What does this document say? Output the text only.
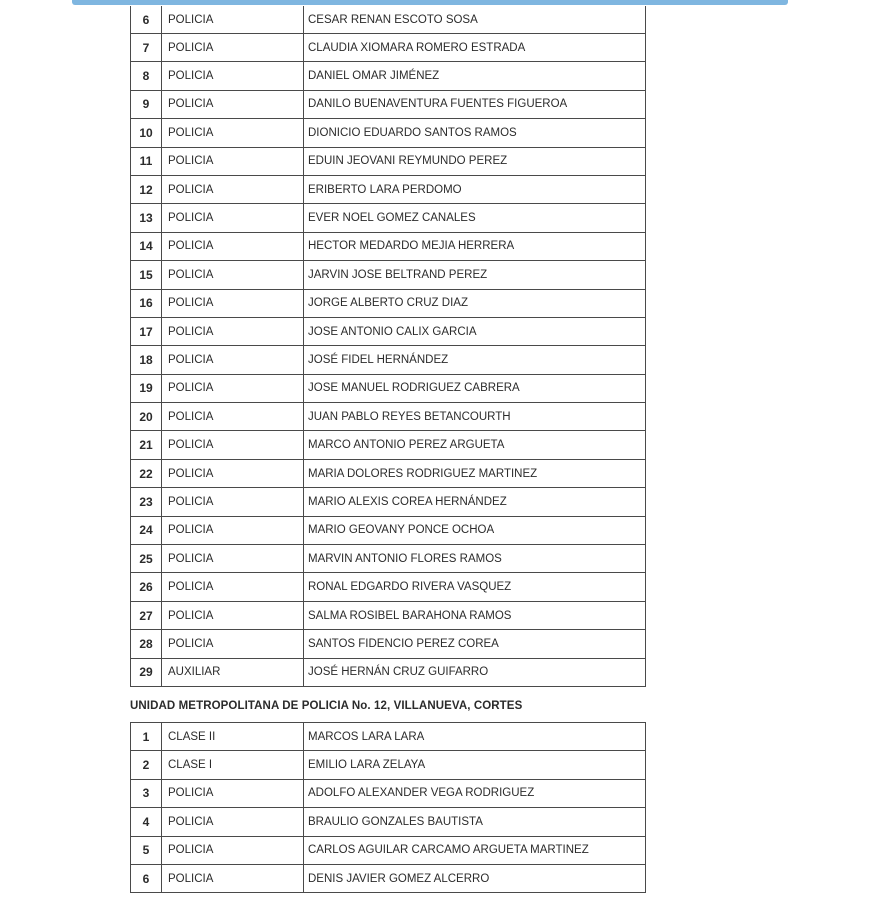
6	POLICIA	CESAR RENAN ESCOTO SOSA
7	POLICIA	CLAUDIA XIOMARA ROMERO ESTRADA
8	POLICIA	DANIEL OMAR JIMÉNEZ
9	POLICIA	DANILO BUENAVENTURA FUENTES FIGUEROA
10	POLICIA	DIONICIO EDUARDO SANTOS RAMOS
11	POLICIA	EDUIN JEOVANI REYMUNDO PEREZ
12	POLICIA	ERIBERTO LARA PERDOMO
13	POLICIA	EVER NOEL GOMEZ CANALES
14	POLICIA	HECTOR MEDARDO MEJIA HERRERA
15	POLICIA	JARVIN JOSE BELTRAND PEREZ
16	POLICIA	JORGE ALBERTO CRUZ DIAZ
17	POLICIA	JOSE ANTONIO CALIX GARCIA
18	POLICIA	JOSÉ FIDEL HERNÁNDEZ
19	POLICIA	JOSE MANUEL RODRIGUEZ CABRERA
20	POLICIA	JUAN PABLO REYES BETANCOURTH
21	POLICIA	MARCO ANTONIO PEREZ ARGUETA
22	POLICIA	MARIA DOLORES RODRIGUEZ MARTINEZ
23	POLICIA	MARIO ALEXIS COREA HERNÁNDEZ
24	POLICIA	MARIO GEOVANY PONCE OCHOA
25	POLICIA	MARVIN ANTONIO FLORES RAMOS
26	POLICIA	RONAL EDGARDO RIVERA VASQUEZ
27	POLICIA	SALMA ROSIBEL BARAHONA RAMOS
28	POLICIA	SANTOS FIDENCIO PEREZ COREA
29	AUXILIAR	JOSÉ HERNÁN CRUZ GUIFARRO
UNIDAD METROPOLITANA DE POLICIA No. 12, VILLANUEVA, CORTES
1	CLASE II	MARCOS LARA LARA
2	CLASE I	EMILIO LARA ZELAYA
3	POLICIA	ADOLFO ALEXANDER VEGA RODRIGUEZ
4	POLICIA	BRAULIO GONZALES BAUTISTA
5	POLICIA	CARLOS AGUILAR CARCAMO ARGUETA MARTINEZ
6	POLICIA	DENIS JAVIER GOMEZ ALCERRO
